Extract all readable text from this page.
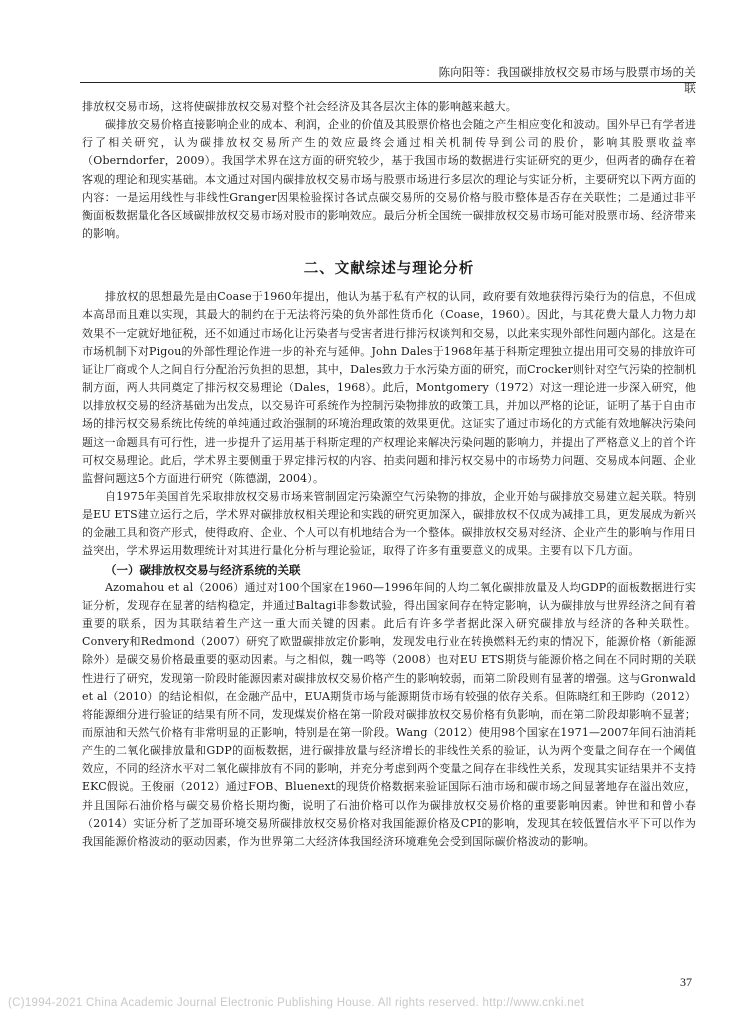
陈向阳等：我国碳排放权交易市场与股票市场的关联

排放权交易市场，这将使碳排放权交易对整个社会经济及其各层次主体的影响越来越大。

碳排放交易价格直接影响企业的成本、利润，企业的价值及其股票价格也会随之产生相应变化和波动。国外早已有学者进行了相关研究，认为碳排放权交易所产生的效应最终会通过相关机制传导到公司的股价，影响其股票收益率（Oberndorfer，2009）。我国学术界在这方面的研究较少，基于我国市场的数据进行实证研究的更少，但两者的确存在着客观的理论和现实基础。本文通过对国内碳排放权交易市场与股票市场进行多层次的理论与实证分析，主要研究以下两方面的内容：一是运用线性与非线性Granger因果检验探讨各试点碳交易所的交易价格与股市整体是否存在关联性；二是通过非平衡面板数据量化各区域碳排放权交易市场对股市的影响效应。最后分析全国统一碳排放权交易市场可能对股票市场、经济带来的影响。

二、文献综述与理论分析

排放权的思想最先是由Coase于1960年提出，他认为基于私有产权的认同，政府要有效地获得污染行为的信息，不但成本高昂而且难以实现，其最大的制约在于无法将污染的负外部性货币化（Coase，1960）。因此，与其花费大量人力物力却效果不一定就好地征税，还不如通过市场化让污染者与受害者进行排污权谈判和交易，以此来实现外部性问题内部化。这是在市场机制下对Pigou的外部性理论作进一步的补充与延伸。John Dales于1968年基于科斯定理独立提出用可交易的排放许可证让厂商或个人之间自行分配治污负担的思想，其中，Dales致力于水污染方面的研究，而Crocker则针对空气污染的控制机制方面，两人共同奠定了排污权交易理论（Dales，1968）。此后，Montgomery（1972）对这一理论进一步深入研究，他以排放权交易的经济基础为出发点，以交易许可系统作为控制污染物排放的政策工具，并加以严格的论证，证明了基于自由市场的排污权交易系统比传统的单纯通过政治强制的环境治理政策的效果更优。这证实了通过市场化的方式能有效地解决污染问题这一命题具有可行性，进一步提升了运用基于科斯定理的产权理论来解决污染问题的影响力，并提出了严格意义上的首个许可权交易理论。此后，学术界主要侧重于界定排污权的内容、拍卖问题和排污权交易中的市场势力问题、交易成本问题、企业监督问题这5个方面进行研究（陈德湖，2004）。

自1975年美国首先采取排放权交易市场来管制固定污染源空气污染物的排放，企业开始与碳排放交易建立起关联。特别是EU ETS建立运行之后，学术界对碳排放权相关理论和实践的研究更加深入，碳排放权不仅成为减排工具，更发展成为新兴的金融工具和资产形式，使得政府、企业、个人可以有机地结合为一个整体。碳排放权交易对经济、企业产生的影响与作用日益突出，学术界运用数理统计对其进行量化分析与理论验证，取得了许多有重要意义的成果。主要有以下几方面。

（一）碳排放权交易与经济系统的关联

Azomahou et al（2006）通过对100个国家在1960—1996年间的人均二氧化碳排放量及人均GDP的面板数据进行实证分析，发现存在显著的结构稳定，并通过Baltagi非参数试验，得出国家间存在特定影响，认为碳排放与世界经济之间有着重要的联系，因为其联结着生产这一重大而关键的因素。此后有许多学者据此深入研究碳排放与经济的各种关联性。Convery和Redmond（2007）研究了欧盟碳排放定价影响，发现发电行业在转换燃料无约束的情况下，能源价格（新能源除外）是碳交易价格最重要的驱动因素。与之相似，魏一鸣等（2008）也对EU ETS期货与能源价格之间在不同时期的关联性进行了研究，发现第一阶段时能源因素对碳排放权交易价格产生的影响较弱，而第二阶段则有显著的增强。这与Gronwald et al（2010）的结论相似，在金融产品中，EUA期货市场与能源期货市场有较强的依存关系。但陈晓红和王陟昀（2012）将能源细分进行验证的结果有所不同，发现煤炭价格在第一阶段对碳排放权交易价格有负影响，而在第二阶段却影响不显著；而原油和天然气价格有非常明显的正影响，特别是在第一阶段。Wang（2012）使用98个国家在1971—2007年间石油消耗产生的二氧化碳排放量和GDP的面板数据，进行碳排放量与经济增长的非线性关系的验证，认为两个变量之间存在一个阈值效应，不同的经济水平对二氧化碳排放有不同的影响，并充分考虑到两个变量之间存在非线性关系，发现其实证结果并不支持EKC假说。王俊丽（2012）通过FOB、Bluenext的现货价格数据来验证国际石油市场和碳市场之间显著地存在溢出效应，并且国际石油价格与碳交易价格长期均衡，说明了石油价格可以作为碳排放权交易价格的重要影响因素。钟世和和曾小春（2014）实证分析了芝加哥环境交易所碳排放权交易价格对我国能源价格及CPI的影响，发现其在较低置信水平下可以作为我国能源价格波动的驱动因素，作为世界第二大经济体我国经济环境难免会受到国际碳价格波动的影响。

37
(C)1994-2021 China Academic Journal Electronic Publishing House. All rights reserved. http://www.cnki.net
